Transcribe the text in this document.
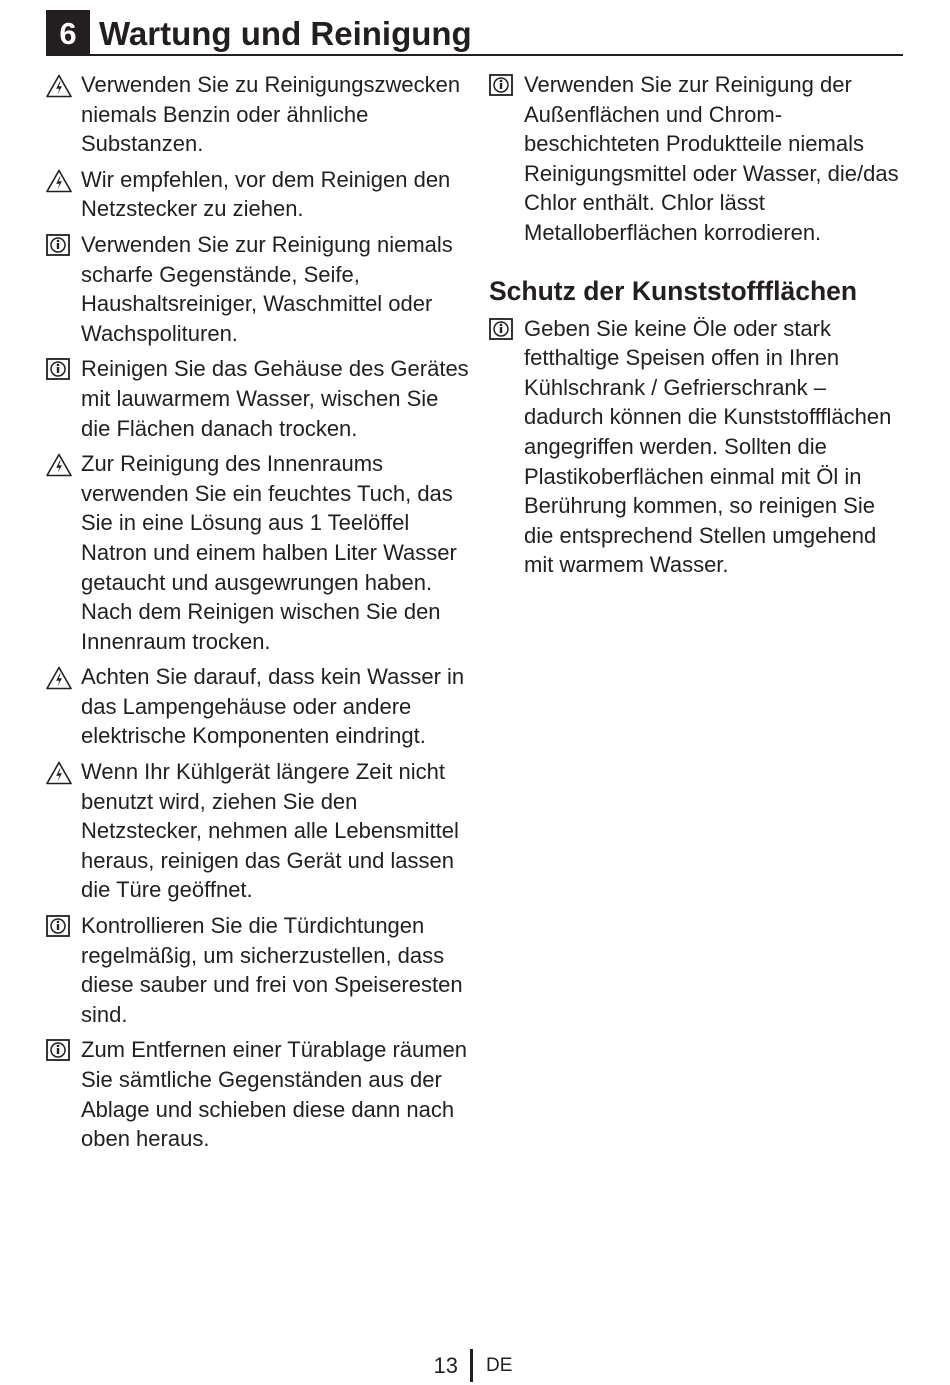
6 Wartung und Reinigung
Verwenden Sie zu Reinigungszwecken niemals Benzin oder ähnliche Substanzen.
Wir empfehlen, vor dem Reinigen den Netzstecker zu ziehen.
Verwenden Sie zur Reinigung niemals scharfe Gegenstände, Seife, Haushaltsreiniger, Waschmittel oder Wachspolituren.
Reinigen Sie das Gehäuse des Gerätes mit lauwarmem Wasser, wischen Sie die Flächen danach trocken.
Zur Reinigung des Innenraums verwenden Sie ein feuchtes Tuch, das Sie in eine Lösung aus 1 Teelöffel Natron und einem halben Liter Wasser getaucht und ausgewrungen haben. Nach dem Reinigen wischen Sie den Innenraum trocken.
Achten Sie darauf, dass kein Wasser in das Lampengehäuse oder andere elektrische Komponenten eindringt.
Wenn Ihr Kühlgerät längere Zeit nicht benutzt wird, ziehen Sie den Netzstecker, nehmen alle Lebensmittel heraus, reinigen das Gerät und lassen die Türe geöffnet.
Kontrollieren Sie die Türdichtungen regelmäßig, um sicherzustellen, dass diese sauber und frei von Speiseresten sind.
Zum Entfernen einer Türablage räumen Sie sämtliche Gegenständen aus der Ablage und schieben diese dann nach oben heraus.
Verwenden Sie zur Reinigung der Außenflächen und Chrom-beschichteten Produktteile niemals Reinigungsmittel oder Wasser, die/das Chlor enthält. Chlor lässt Metalloberflächen korrodieren.
Schutz der Kunststoffflächen
Geben Sie keine Öle oder stark fetthaltige Speisen offen in Ihren Kühlschrank / Gefrierschrank – dadurch können die Kunststoffflächen angegriffen werden. Sollten die Plastikoberflächen einmal mit Öl in Berührung kommen, so reinigen Sie die entsprechend Stellen umgehend mit warmem Wasser.
13 DE
